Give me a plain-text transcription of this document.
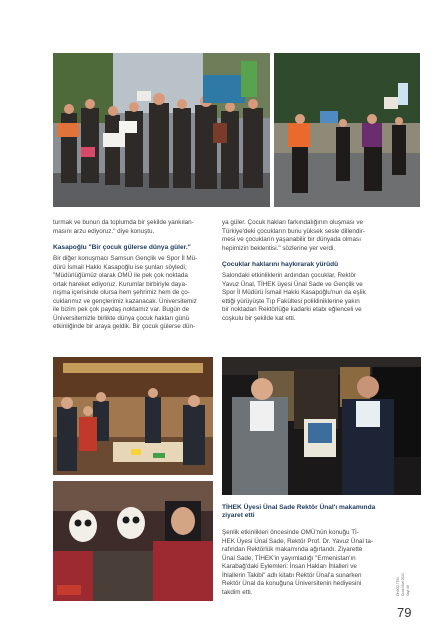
turmak ve bunun da toplumda bir şekilde yankılan-

masını arzu ediyoruz." diye konuştu.

Kasapoğlu "Bir çocuk gülerse dünya güler."

Bir diğer konuşmacı Samsun Gençlik ve Spor İl Mü-

dürü İsmail Hakkı Kasapoğlu ise şunları söyledi;

"Müdürlüğümüz olarak OMÜ ile pek çok noktada

ortak hareket ediyoruz. Kurumlar birbiriyle daya-

nışma içerisinde olursa hem şehrimiz hem de ço-

cuklarımız ve gençlerimiz kazanacak. Üniversitemiz

ile bizim pek çok paydaş noktamız var. Bugün de

Üniversitemizle birlikte dünya çocuk hakları günü

etkinliğinde bir araya geldik. Bir çocuk gülerse dün-

ya güler. Çocuk hakları farkındalığının oluşması ve

Türkiye'deki çocukların bunu yüksek sesle dillendir-

mesi ve çocukların yaşanabilir bir dünyada olması

hepimizin beklentisi." sözlerine yer verdi.

Çocuklar haklarını haykırarak yürüdü

Salondaki etkinliklerin ardından çocuklar, Rektör

Yavuz Ünal, TİHEK üyesi Ünal Sade ve Gençlik ve

Spor İl Müdürü İsmail Hakkı Kasapoğlu'nun da eşlik

ettiği yürüyüşte Tıp Fakültesi polikliniklerine yakın

bir noktadan Rektörlüğe kadarki etabı eğlenceli ve

coşkulu bir şekilde kat etti.

TİHEK Üyesi Ünal Sade Rektör Ünal'ı makamında
ziyaret etti
Şenlik etkinlikleri öncesinde OMÜ'nün konuğu Tİ-
HEK Üyesi Ünal Sade, Rektör Prof. Dr. Yavuz Ünal ta-
rafından Rektörlük makamında ağırlandı. Ziyarette
Ünal Sade, TİHEK'in yayımladığı "Ermenistan'ın
Karabağ'daki Eylemleri: İnsan Hakları İhlalleri ve
İhlallerin Takibi" adlı kitabı Rektör Ünal'a sunarken
Rektör Ünal da konuğuna Üniversitenin hediyesini
takdim etti.	ON9ÖZ.TEM Ocak-Mart 2021 Sayı 48
79
